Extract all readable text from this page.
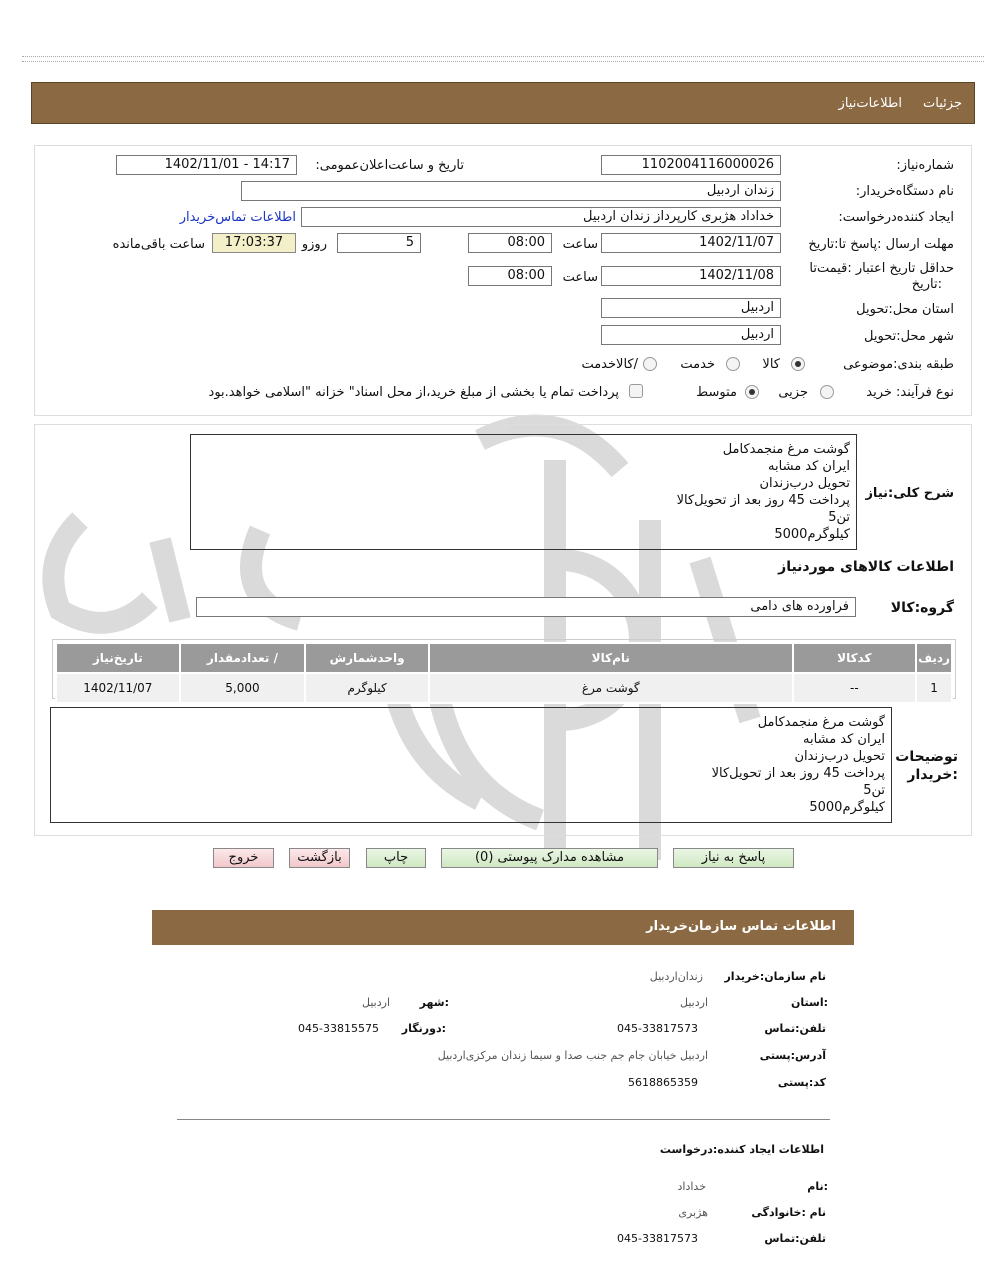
جزئیات
اطلاعات‌نیاز
شماره‌نیاز:
1102004116000026
تاریخ و ساعت‌اعلان‌عمومی:
1402/11/01 - 14:17
نام دستگاه‌خریدار:
زندان اردبیل
ایجاد کننده‌درخواست:
خداداد هژبری کارپرداز زندان اردبیل
اطلاعات تماس‌خریدار
مهلت ارسال :پاسخ تا:تاریخ
1402/11/07
ساعت
08:00
5
روزو
17:03:37
ساعت باقی‌مانده
حداقل تاریخ اعتبار :قیمت‌تا
:تاریخ
1402/11/08
ساعت
08:00
استان محل:تحویل
اردبیل
شهر محل:تحویل
اردبیل
طبقه بندی:موضوعی
کالا
خدمت
/کالاخدمت
نوع فرآیند: خرید
جزیی
متوسط
پرداخت تمام یا بخشی از مبلغ خرید،از محل اسناد" خزانه "اسلامی خواهد.بود
شرح کلی:نیاز
گوشت مرغ منجمدکامل
ایران کد مشابه
تحویل درب‌زندان
پرداخت 45 روز بعد از تحویل‌کالا
تن5
کیلوگرم5000
اطلاعات کالاهای مورد‌نیاز
گروه:کالا
فراورده های دامی
ردیف	کدکالا	نام‌کالا	واحدشمارش	/ تعدادمقدار	تاریخ‌نیاز
1	--	گوشت مرغ	کیلوگرم	5,000	1402/11/07
توضیحات
:خریدار
گوشت مرغ منجمدکامل
ایران کد مشابه
تحویل درب‌زندان
پرداخت 45 روز بعد از تحویل‌کالا
تن5
کیلوگرم5000
پاسخ به نیاز
مشاهده مدارک پیوستی (0)
چاپ
بازگشت
خروج
اطلاعات تماس سازمان‌خریدار
نام سازمان:خریدار
زندان‌اردبیل
:استان
اردبیل
:شهر
اردبیل
تلفن:تماس
045-33817573
:دورنگار
045-33815575
آدرس:پستی
اردبیل خیابان جام جم جنب صدا و سیما زندان مرکزی‌اردبیل
کد:پستی
5618865359
اطلاعات ایجاد کننده:درخواست
:نام
خداداد
نام :خانوادگی
هژبری
تلفن:تماس
045-33817573
